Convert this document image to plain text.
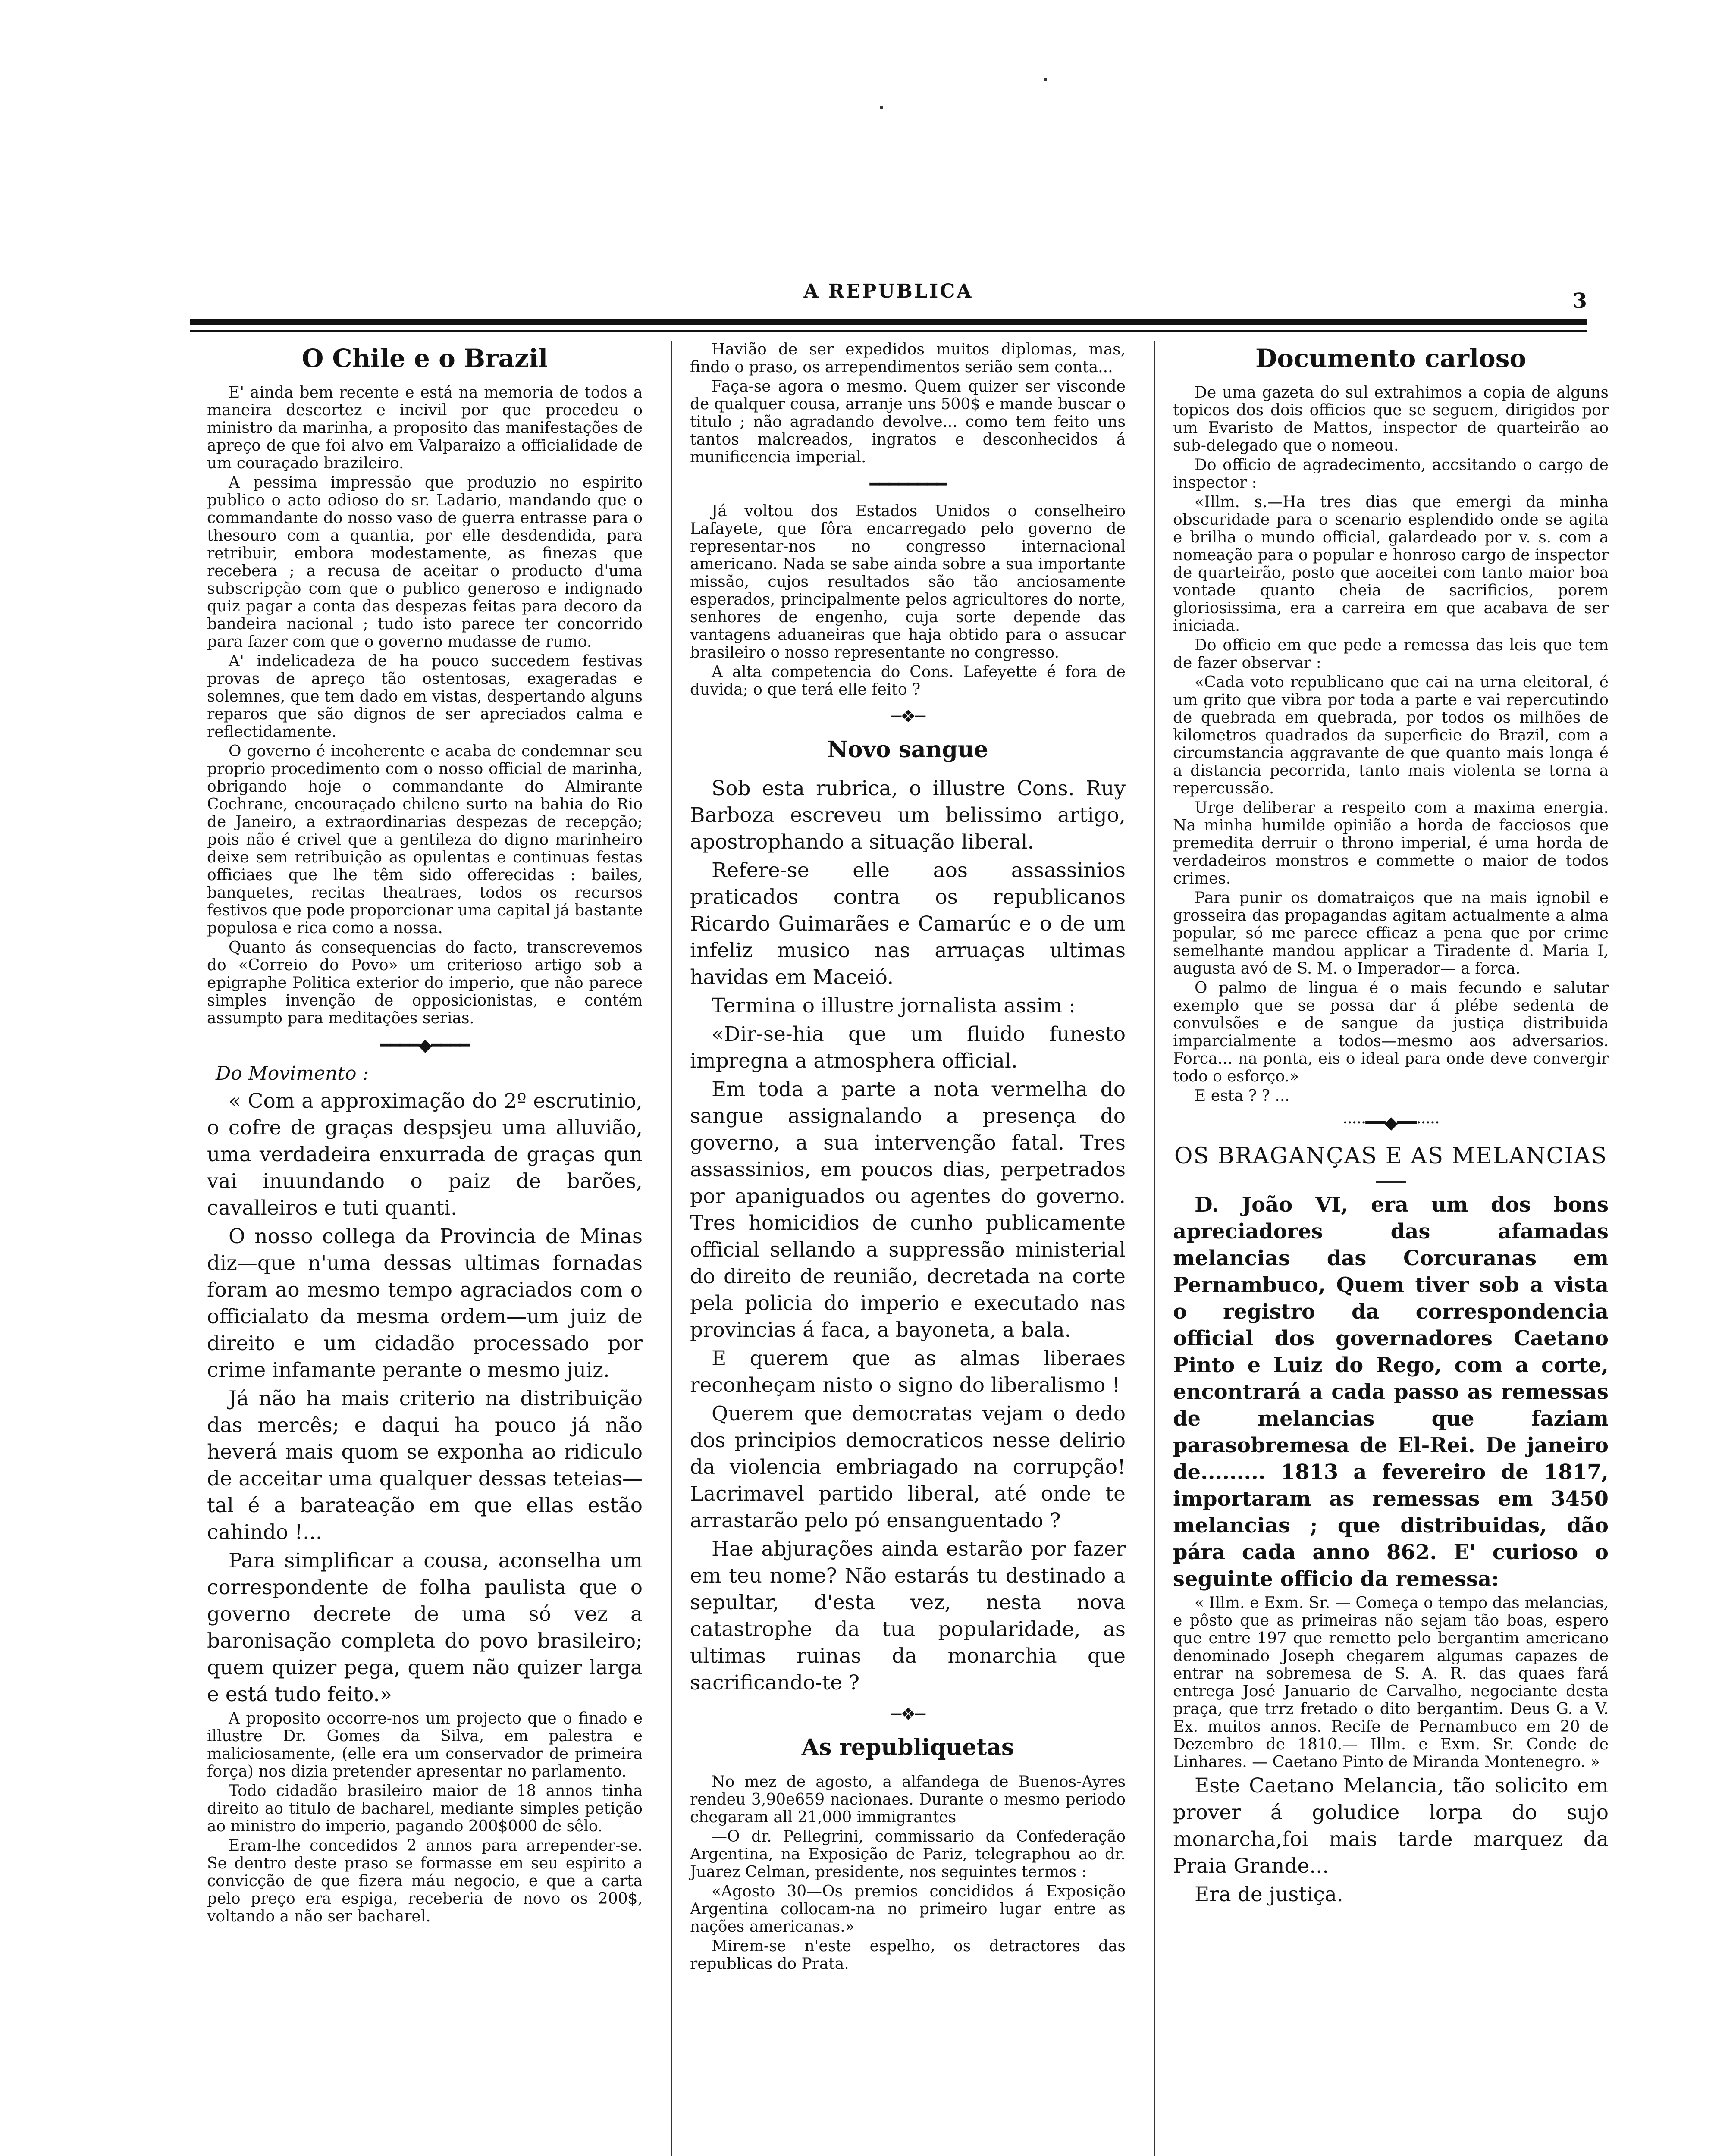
A REPUBLICA	3
O Chile e o Brazil

E' ainda bem recente e está na memoria de todos a maneira descortez e incivil por que procedeu o ministro da marinha, a proposito das manifestações de apreço de que foi alvo em Valparaizo a officialidade de um couraçado brazileiro.

A pessima impressão que produzio no espirito publico o acto odioso do sr. Ladario, mandando que o commandante do nosso vaso de guerra entrasse para o thesouro com a quantia, por elle desdendida, para retribuir, embora modestamente, as finezas que recebera ; a recusa de aceitar o producto d'uma subscripção com que o publico generoso e indignado quiz pagar a conta das despezas feitas para decoro da bandeira nacional ; tudo isto parece ter concorrido para fazer com que o governo mudasse de rumo.

A' indelicadeza de ha pouco succedem festivas provas de apreço tão ostentosas, exageradas e solemnes, que tem dado em vistas, despertando alguns reparos que são dignos de ser apreciados calma e reflectidamente.

O governo é incoherente e acaba de condemnar seu proprio procedimento com o nosso official de marinha, obrigando hoje o commandante do Almirante Cochrane, encouraçado chileno surto na bahia do Rio de Janeiro, a extraordinarias despezas de recepção; pois não é crivel que a gentileza do digno marinheiro deixe sem retribuição as opulentas e continuas festas officiaes que lhe têm sido offerecidas : bailes, banquetes, recitas theatraes, todos os recursos festivos que pode proporcionar uma capital já bastante populosa e rica como a nossa.

Quanto ás consequencias do facto, transcrevemos do «Correio do Povo» um criterioso artigo sob a epigraphe Politica exterior do imperio, que não parece simples invenção de opposicionistas, e contém assumpto para meditações serias.

━━━━◆━━━━
Do Movimento :

« Com a approximação do 2º escrutinio, o cofre de graças despsjeu uma alluvião, uma verdadeira enxurrada de graças qun vai inuundando o paiz de barões, cavalleiros e tuti quanti.

O nosso collega da Provincia de Minas diz—que n'uma dessas ultimas fornadas foram ao mesmo tempo agraciados com o officialato da mesma ordem—um juiz de direito e um cidadão processado por crime infamante perante o mesmo juiz.

Já não ha mais criterio na distribuição das mercês; e daqui ha pouco já não heverá mais quom se exponha ao ridiculo de acceitar uma qualquer dessas teteias—tal é a barateação em que ellas estão cahindo !...

Para simplificar a cousa, aconselha um correspondente de folha paulista que o governo decrete de uma só vez a baronisação completa do povo brasileiro; quem quizer pega, quem não quizer larga e está tudo feito.»

A proposito occorre-nos um projecto que o finado e illustre Dr. Gomes da Silva, em palestra e maliciosamente, (elle era um conservador de primeira força) nos dizia pretender apresentar no parlamento.

Todo cidadão brasileiro maior de 18 annos tinha direito ao titulo de bacharel, mediante simples petição ao ministro do imperio, pagando 200$000 de sêlo.

Eram-lhe concedidos 2 annos para arrepender-se. Se dentro deste praso se formasse em seu espirito a convicção de que fizera máu negocio, e que a carta pelo preço era espiga, receberia de novo os 200$, voltando a não ser bacharel.

Havião de ser expedidos muitos diplomas, mas, findo o praso, os arrependimentos serião sem conta...

Faça-se agora o mesmo. Quem quizer ser visconde de qualquer cousa, arranje uns 500$ e mande buscar o titulo ; não agradando devolve... como tem feito uns tantos malcreados, ingratos e desconhecidos á munificencia imperial.

━━━━━━━━

Já voltou dos Estados Unidos o conselheiro Lafayete, que fôra encarregado pelo governo de representar-nos no congresso internacional americano. Nada se sabe ainda sobre a sua importante missão, cujos resultados são tão anciosamente esperados, principalmente pelos agricultores do norte, senhores de engenho, cuja sorte depende das vantagens aduaneiras que haja obtido para o assucar brasileiro o nosso representante no congresso.

A alta competencia do Cons. Lafeyette é fora de duvida; o que terá elle feito ?

─❖─
Novo sangue

Sob esta rubrica, o illustre Cons. Ruy Barboza escreveu um belissimo artigo, apostrophando a situação liberal.

Refere-se elle aos assassinios praticados contra os republicanos Ricardo Guimarães e Camarúc e o de um infeliz musico nas arruaças ultimas havidas em Maceió.

Termina o illustre jornalista assim :

«Dir-se-hia que um fluido funesto impregna a atmosphera official.

Em toda a parte a nota vermelha do sangue assignalando a presença do governo, a sua intervenção fatal. Tres assassinios, em poucos dias, perpetrados por apaniguados ou agentes do governo. Tres homicidios de cunho publicamente official sellando a suppressão ministerial do direito de reunião, decretada na corte pela policia do imperio e executado nas provincias á faca, a bayoneta, a bala.

E querem que as almas liberaes reconheçam nisto o signo do liberalismo !

Querem que democratas vejam o dedo dos principios democraticos nesse delirio da violencia embriagado na corrupção! Lacrimavel partido liberal, até onde te arrastarão pelo pó ensanguentado ?

Hae abjurações ainda estarão por fazer em teu nome? Não estarás tu destinado a sepultar, d'esta vez, nesta nova catastrophe da tua popularidade, as ultimas ruinas da monarchia que sacrificando-te ?

─❖─
As republiquetas

No mez de agosto, a alfandega de Buenos-Ayres rendeu 3,90e659 nacionaes. Durante o mesmo periodo chegaram all 21,000 immigrantes

—O dr. Pellegrini, commissario da Confederação Argentina, na Exposição de Pariz, telegraphou ao dr. Juarez Celman, presidente, nos seguintes termos :

«Agosto 30—Os premios concididos á Exposição Argentina collocam-na no primeiro lugar entre as nações americanas.»

Mirem-se n'este espelho, os detractores das republicas do Prata.

Documento carloso

De uma gazeta do sul extrahimos a copia de alguns topicos dos dois officios que se seguem, dirigidos por um Evaristo de Mattos, inspector de quarteirão ao sub-delegado que o nomeou.

Do officio de agradecimento, accsitando o cargo de inspector :

«Illm. s.—Ha tres dias que emergi da minha obscuridade para o scenario esplendido onde se agita e brilha o mundo official, galardeado por v. s. com a nomeação para o popular e honroso cargo de inspector de quarteirão, posto que aoceitei com tanto maior boa vontade quanto cheia de sacrificios, porem gloriosissima, era a carreira em que acabava de ser iniciada.

Do officio em que pede a remessa das leis que tem de fazer observar :

«Cada voto republicano que cai na urna eleitoral, é um grito que vibra por toda a parte e vai repercutindo de quebrada em quebrada, por todos os milhões de kilometros quadrados da superficie do Brazil, com a circumstancia aggravante de que quanto mais longa é a distancia pecorrida, tanto mais violenta se torna a repercussão.

Urge deliberar a respeito com a maxima energia. Na minha humilde opinião a horda de facciosos que premedita derruir o throno imperial, é uma horda de verdadeiros monstros e commette o maior de todos crimes.

Para punir os domatraiços que na mais ignobil e grosseira das propagandas agitam actualmente a alma popular, só me parece efficaz a pena que por crime semelhante mandou applicar a Tiradente d. Maria I, augusta avó de S. M. o Imperador— a forca.

O palmo de lingua é o mais fecundo e salutar exemplo que se possa dar á plébe sedenta de convulsões e de sangue da justiça distribuida imparcialmente a todos—mesmo aos adversarios. Forca... na ponta, eis o ideal para onde deve convergir todo o esforço.»

E esta ? ? ...

·····━━◆━━·····
OS BRAGANÇAS E AS MELANCIAS

D. João VI, era um dos bons apreciadores das afamadas melancias das Corcuranas em Pernambuco, Quem tiver sob a vista o registro da correspondencia official dos governadores Caetano Pinto e Luiz do Rego, com a corte, encontrará a cada passo as remessas de melancias que faziam parasobremesa de El-Rei. De janeiro de......... 1813 a fevereiro de 1817, importaram as remessas em 3450 melancias ; que distribuidas, dão pára cada anno 862. E' curioso o seguinte officio da remessa:

« Illm. e Exm. Sr. — Começa o tempo das melancias, e pôsto que as primeiras não sejam tão boas, espero que entre 197 que remetto pelo bergantim americano denominado Joseph chegarem algumas capazes de entrar na sobremesa de S. A. R. das quaes fará entrega José Januario de Carvalho, negociante desta praça, que trrz fretado o dito bergantim. Deus G. a V. Ex. muitos annos. Recife de Pernambuco em 20 de Dezembro de 1810.— Illm. e Exm. Sr. Conde de Linhares. — Caetano Pinto de Miranda Montenegro. »

Este Caetano Melancia, tão solicito em prover á goludice lorpa do sujo monarcha,foi mais tarde marquez da Praia Grande...

Era de justiça.
